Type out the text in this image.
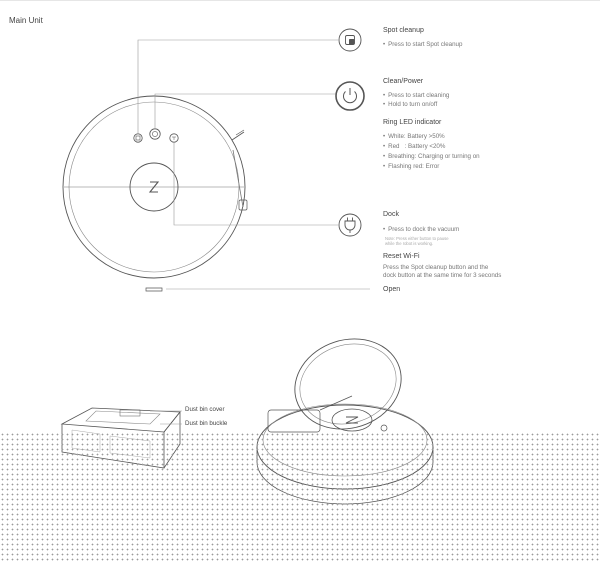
Main Unit
Spot cleanup
• Press to start Spot cleanup
Clean/Power
• Press to start cleaning
• Hold to turn on/off
Ring LED indicator
• White: Battery >50%
• Red   : Battery <20%
• Breathing: Charging or turning on
• Flashing red: Error
Dock
• Press to dock the vacuum
Note: Press either button to pause
while the robot is working.
Reset Wi-Fi
Press the Spot cleanup button and the
dock button at the same time for 3 seconds
Open
Dust bin cover
Dust bin buckle
